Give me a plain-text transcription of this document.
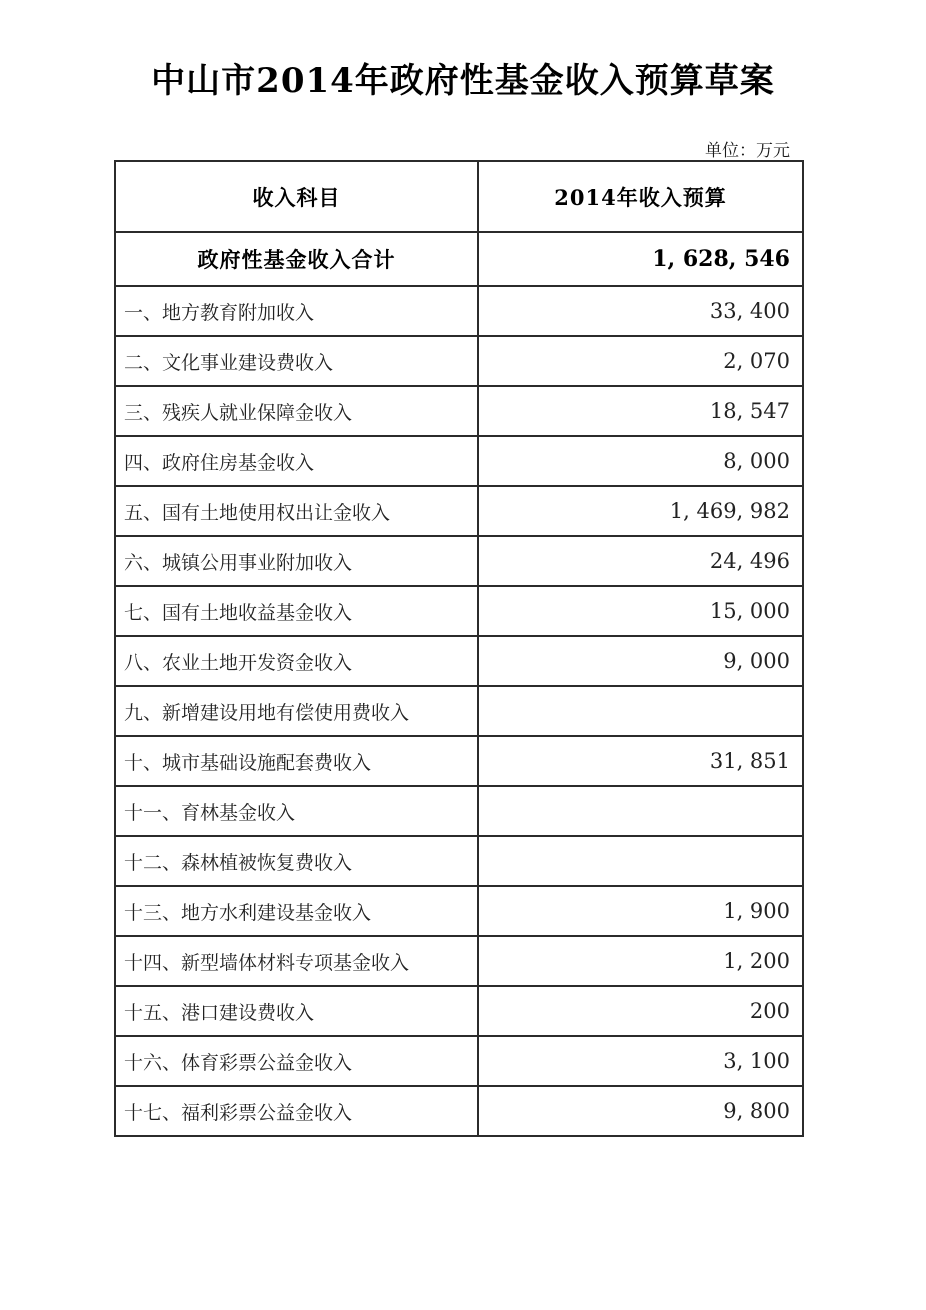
中山市2014年政府性基金收入预算草案
单位：万元
收入科目	2014年收入预算
政府性基金收入合计	1, 628, 546
一、地方教育附加收入	33, 400
二、文化事业建设费收入	2, 070
三、残疾人就业保障金收入	18, 547
四、政府住房基金收入	8, 000
五、国有土地使用权出让金收入	1, 469, 982
六、城镇公用事业附加收入	24, 496
七、国有土地收益基金收入	15, 000
八、农业土地开发资金收入	9, 000
九、新增建设用地有偿使用费收入	
十、城市基础设施配套费收入	31, 851
十一、育林基金收入	
十二、森林植被恢复费收入	
十三、地方水利建设基金收入	1, 900
十四、新型墙体材料专项基金收入	1, 200
十五、港口建设费收入	200
十六、体育彩票公益金收入	3, 100
十七、福利彩票公益金收入	9, 800
